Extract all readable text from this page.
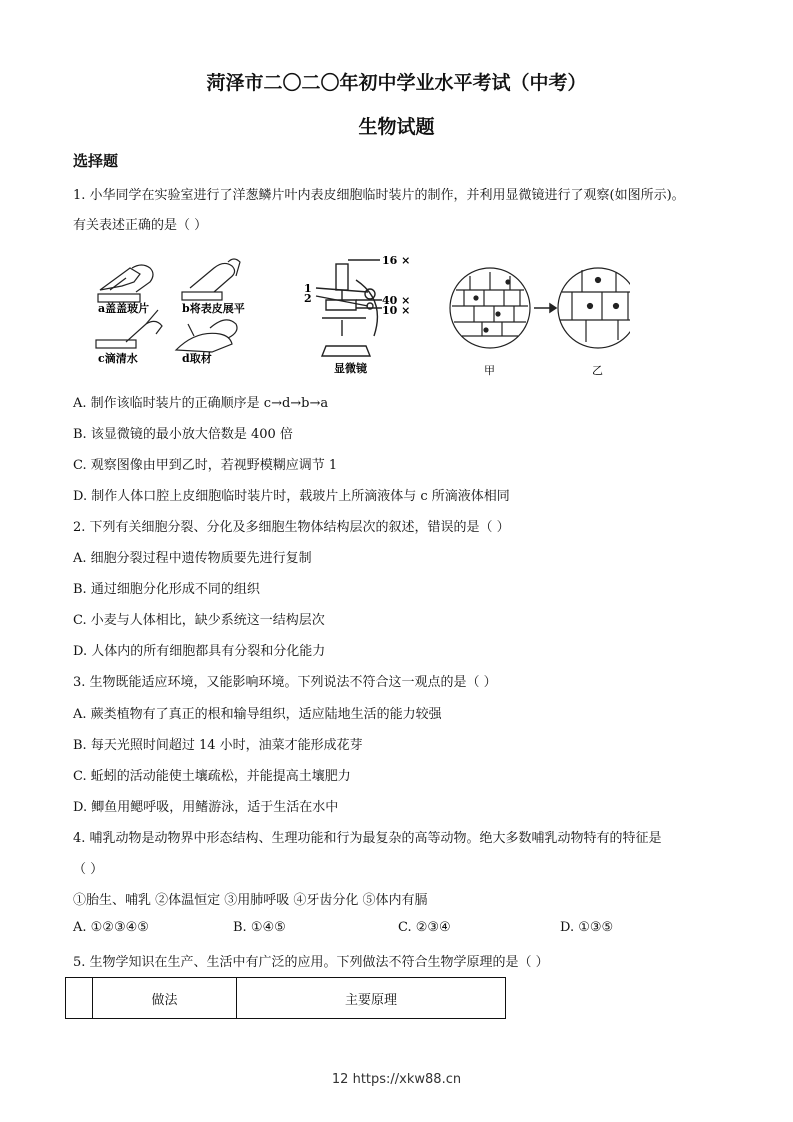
菏泽市二〇二〇年初中学业水平考试（中考）
生物试题
选择题
1. 小华同学在实验室进行了洋葱鳞片叶内表皮细胞临时装片的制作，并利用显微镜进行了观察(如图所示)。
有关表述正确的是（ ）
a盖盖玻片	b将表皮展平
c滴清水	d取材
16 ×
40 ×
10 ×
1
2
显微镜	甲	乙
A. 制作该临时装片的正确顺序是 c→d→b→a
B. 该显微镜的最小放大倍数是 400 倍
C. 观察图像由甲到乙时，若视野模糊应调节 1
D. 制作人体口腔上皮细胞临时装片时，载玻片上所滴液体与 c 所滴液体相同
2. 下列有关细胞分裂、分化及多细胞生物体结构层次的叙述，错误的是（ ）
A. 细胞分裂过程中遗传物质要先进行复制
B. 通过细胞分化形成不同的组织
C. 小麦与人体相比，缺少系统这一结构层次
D. 人体内的所有细胞都具有分裂和分化能力
3. 生物既能适应环境，又能影响环境。下列说法不符合这一观点的是（ ）
A. 蕨类植物有了真正的根和输导组织，适应陆地生活的能力较强
B. 每天光照时间超过 14 小时，油菜才能形成花芽
C. 蚯蚓的活动能使土壤疏松，并能提高土壤肥力
D. 鲫鱼用鳃呼吸，用鳍游泳，适于生活在水中
4. 哺乳动物是动物界中形态结构、生理功能和行为最复杂的高等动物。绝大多数哺乳动物特有的特征是
（ ）
①胎生、哺乳 ②体温恒定 ③用肺呼吸 ④牙齿分化 ⑤体内有膈
A. ①②③④⑤	B. ①④⑤	C. ②③④	D. ①③⑤
5. 生物学知识在生产、生活中有广泛的应用。下列做法不符合生物学原理的是（ ）
	做法	主要原理
12 https://xkw88.cn
